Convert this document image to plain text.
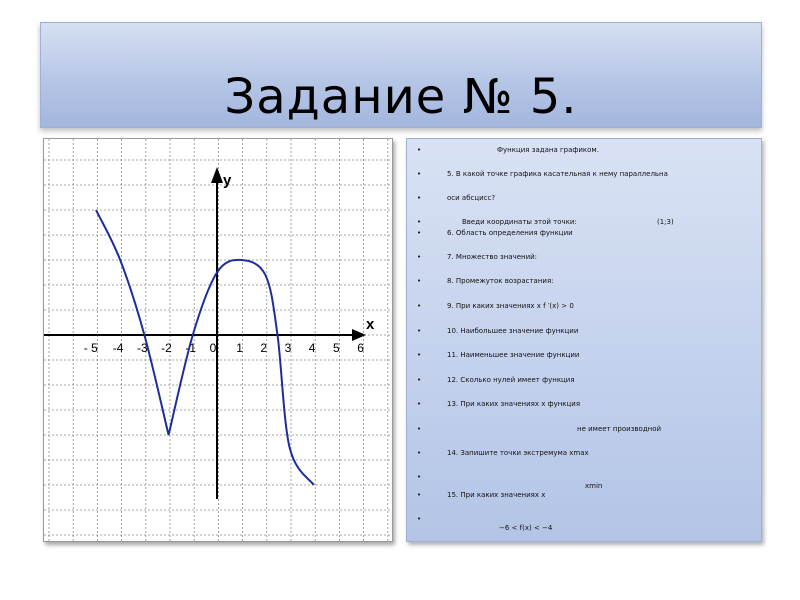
Задание № 5.
y
x
- 5 -4 -3 -2 -1 0 1 2 3 4 5 6
•	Функция задана графиком.
•	5. В какой точке графика касательная к нему параллельна
•	оси абсцисс?
•	Введи координаты этой точки:	(1;3)
•	6. Область определения функции
•	7. Множество значений:
•	8. Промежуток возрастания:
•	9. При каких значениях x f ′(x) > 0
•	10. Наибольшее значение функции
•	11. Наименьшее значение функции
•	12. Сколько нулей имеет функция
•	13. При каких значениях x функция
•	не имеет производной
•	14. Запишите точки экстремума xmax
•
xmin
•	15. При каких значениях x
•
−6 < f(x) < −4
